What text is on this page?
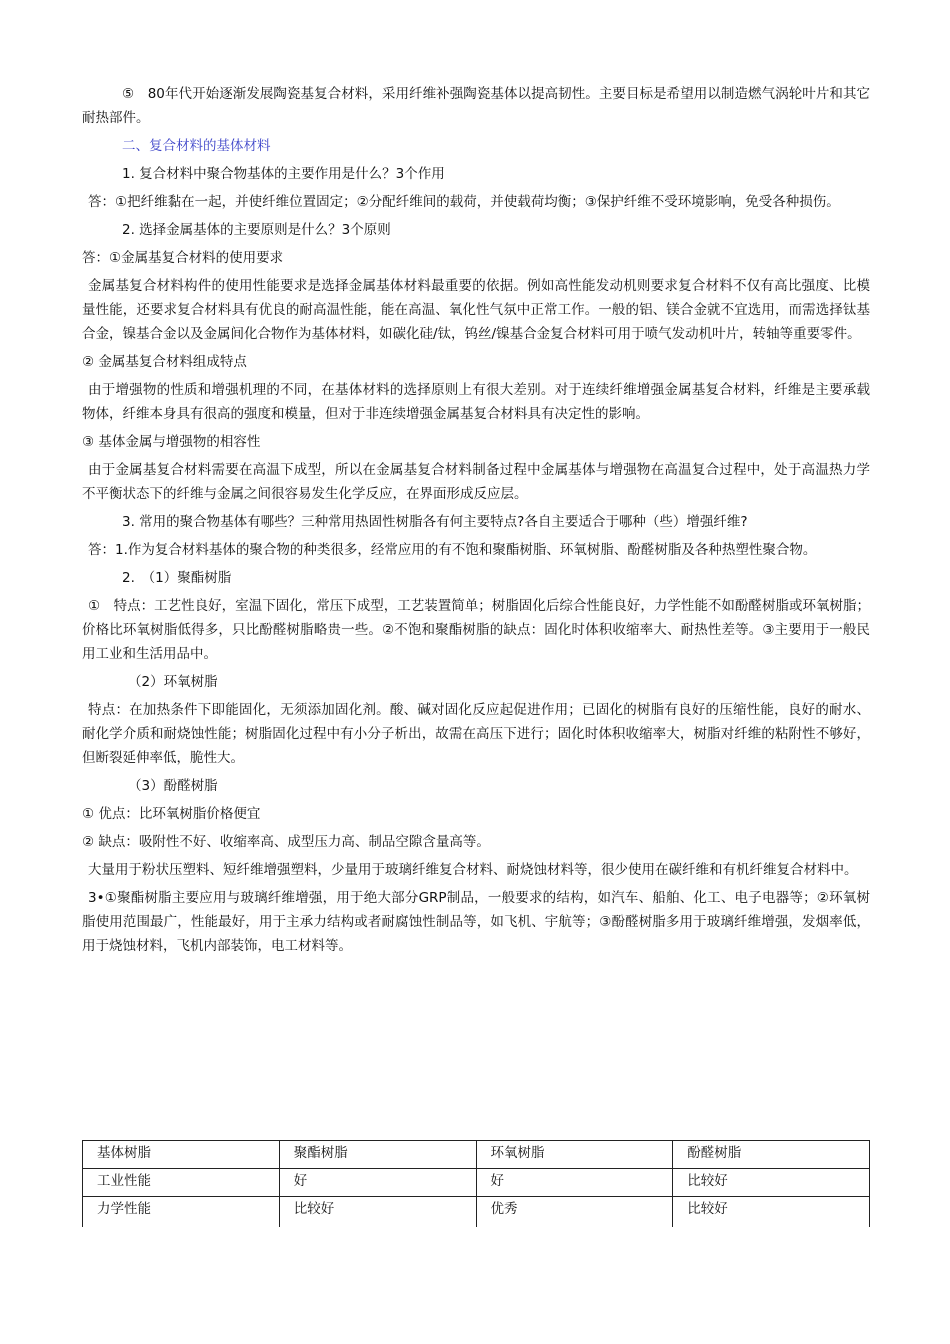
⑤　80年代开始逐渐发展陶瓷基复合材料，采用纤维补强陶瓷基体以提高韧性。主要目标是希望用以制造燃气涡轮叶片和其它耐热部件。

二、复合材料的基体材料

1. 复合材料中聚合物基体的主要作用是什么？3个作用

答：①把纤维黏在一起，并使纤维位置固定；②分配纤维间的载荷，并使载荷均衡；③保护纤维不受环境影响，免受各种损伤。

2. 选择金属基体的主要原则是什么？3个原则

答：①金属基复合材料的使用要求

金属基复合材料构件的使用性能要求是选择金属基体材料最重要的依据。例如高性能发动机则要求复合材料不仅有高比强度、比模量性能，还要求复合材料具有优良的耐高温性能，能在高温、氧化性气氛中正常工作。一般的铝、镁合金就不宜选用，而需选择钛基合金，镍基合金以及金属间化合物作为基体材料，如碳化硅/钛，钨丝/镍基合金复合材料可用于喷气发动机叶片，转轴等重要零件。

② 金属基复合材料组成特点

由于增强物的性质和增强机理的不同，在基体材料的选择原则上有很大差别。对于连续纤维增强金属基复合材料，纤维是主要承载物体，纤维本身具有很高的强度和模量，但对于非连续增强金属基复合材料具有决定性的影响。

③ 基体金属与增强物的相容性

由于金属基复合材料需要在高温下成型，所以在金属基复合材料制备过程中金属基体与增强物在高温复合过程中，处于高温热力学不平衡状态下的纤维与金属之间很容易发生化学反应，在界面形成反应层。

3. 常用的聚合物基体有哪些？三种常用热固性树脂各有何主要特点?各自主要适合于哪种（些）增强纤维?

答：1.作为复合材料基体的聚合物的种类很多，经常应用的有不饱和聚酯树脂、环氧树脂、酚醛树脂及各种热塑性聚合物。

2.　（1）聚酯树脂

①　特点：工艺性良好，室温下固化，常压下成型，工艺装置简单；树脂固化后综合性能良好，力学性能不如酚醛树脂或环氧树脂；价格比环氧树脂低得多，只比酚醛树脂略贵一些。②不饱和聚酯树脂的缺点：固化时体积收缩率大、耐热性差等。③主要用于一般民用工业和生活用品中。

（2）环氧树脂

特点：在加热条件下即能固化，无须添加固化剂。酸、碱对固化反应起促进作用；已固化的树脂有良好的压缩性能，良好的耐水、耐化学介质和耐烧蚀性能；树脂固化过程中有小分子析出，故需在高压下进行；固化时体积收缩率大，树脂对纤维的粘附性不够好，但断裂延伸率低，脆性大。

（3）酚醛树脂

① 优点：比环氧树脂价格便宜

② 缺点：吸附性不好、收缩率高、成型压力高、制品空隙含量高等。

大量用于粉状压塑料、短纤维增强塑料，少量用于玻璃纤维复合材料、耐烧蚀材料等，很少使用在碳纤维和有机纤维复合材料中。

3•①聚酯树脂主要应用与玻璃纤维增强，用于绝大部分GRP制品，一般要求的结构，如汽车、船舶、化工、电子电器等；②环氧树脂使用范围最广，性能最好，用于主承力结构或者耐腐蚀性制品等，如飞机、宇航等；③酚醛树脂多用于玻璃纤维增强，发烟率低，用于烧蚀材料，飞机内部装饰，电工材料等。

基体树脂	聚酯树脂	环氧树脂	酚醛树脂
工业性能	好	好	比较好
力学性能	比较好	优秀	比较好
